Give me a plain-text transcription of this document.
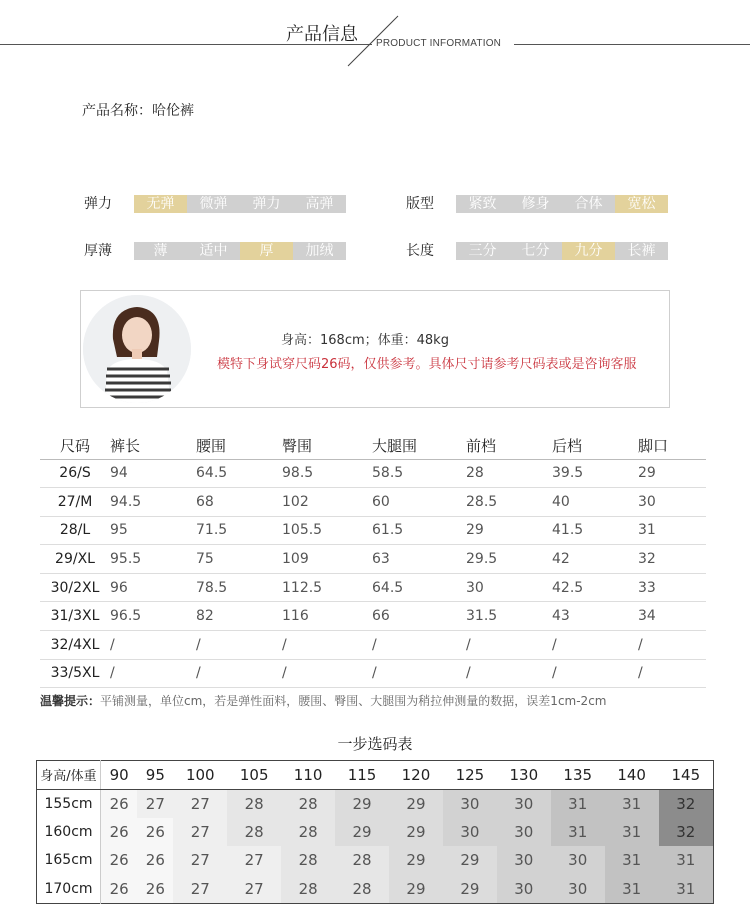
产品信息 PRODUCT INFORMATION
产品名称：哈伦裤
弹力	无弹	微弹	弹力	高弹
厚薄	薄	适中	厚	加绒
版型	紧致	修身	合体	宽松
长度	三分	七分	九分	长裤
身高：168cm；体重：48kg
模特下身试穿尺码26码，仅供参考。具体尺寸请参考尺码表或是咨询客服
尺码	裤长	腰围	臀围	大腿围	前档	后档	脚口
26/S	94	64.5	98.5	58.5	28	39.5	29
27/M	94.5	68	102	60	28.5	40	30
28/L	95	71.5	105.5	61.5	29	41.5	31
29/XL	95.5	75	109	63	29.5	42	32
30/2XL	96	78.5	112.5	64.5	30	42.5	33
31/3XL	96.5	82	116	66	31.5	43	34
32/4XL	/	/	/	/	/	/	/
33/5XL	/	/	/	/	/	/	/
温馨提示：平铺测量，单位cm，若是弹性面料，腰围、臀围、大腿围为稍拉伸测量的数据，误差1cm-2cm
一步选码表
身高/体重	90	95	100	105	110	115	120	125	130	135	140	145
155cm	26	27	27	28	28	29	29	30	30	31	31	32
160cm	26	26	27	28	28	29	29	30	30	31	31	32
165cm	26	26	27	27	28	28	29	29	30	30	31	31
170cm	26	26	27	27	28	28	29	29	30	30	31	31
